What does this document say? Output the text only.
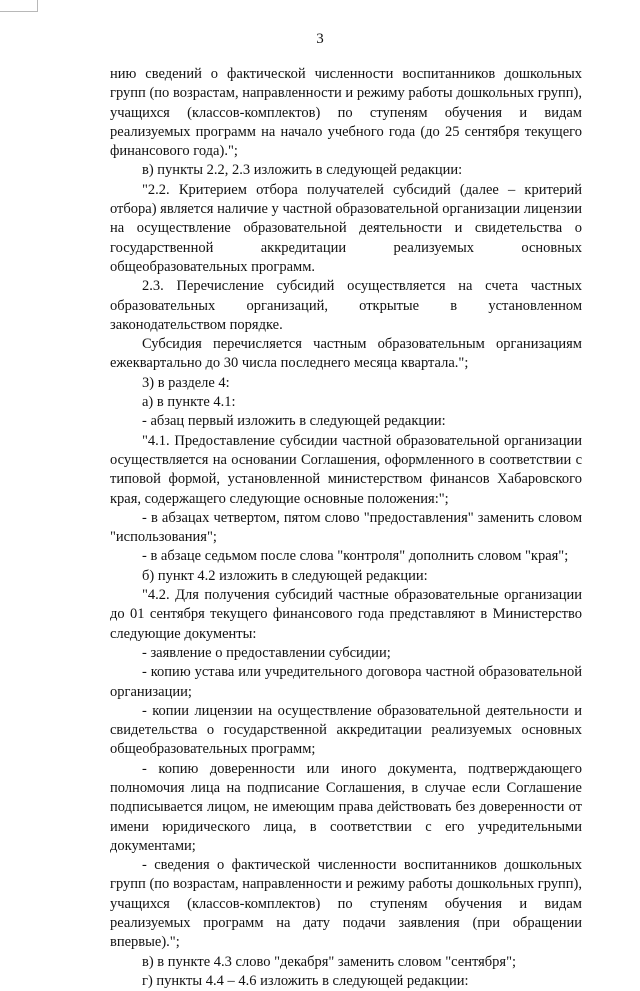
3

нию сведений о фактической численности воспитанников дошкольных групп (по возрастам, направленности и режиму работы дошкольных групп), учащихся (классов-комплектов) по ступеням обучения и видам реализуемых программ на начало учебного года (до 25 сентября текущего финансового года).";

в) пункты 2.2, 2.3 изложить в следующей редакции:

"2.2. Критерием отбора получателей субсидий (далее – критерий отбора) является наличие у частной образовательной организации лицензии на осуществление образовательной деятельности и свидетельства о государственной аккредитации реализуемых основных общеобразовательных программ.

2.3. Перечисление субсидий осуществляется на счета частных образовательных организаций, открытые в установленном законодательством порядке.

Субсидия перечисляется частным образовательным организациям ежеквартально до 30 числа последнего месяца квартала.";

3) в разделе 4:

а) в пункте 4.1:

- абзац первый изложить в следующей редакции:

"4.1. Предоставление субсидии частной образовательной организации осуществляется на основании Соглашения, оформленного в соответствии с типовой формой, установленной министерством финансов Хабаровского края, содержащего следующие основные положения:";

- в абзацах четвертом, пятом слово "предоставления" заменить словом "использования";

- в абзаце седьмом после слова "контроля" дополнить словом "края";

б) пункт 4.2 изложить в следующей редакции:

"4.2. Для получения субсидий частные образовательные организации до 01 сентября текущего финансового года представляют в Министерство следующие документы:

- заявление о предоставлении субсидии;

- копию устава или учредительного договора частной образовательной организации;

- копии лицензии на осуществление образовательной деятельности и свидетельства о государственной аккредитации реализуемых основных общеобразовательных программ;

- копию доверенности или иного документа, подтверждающего полномочия лица на подписание Соглашения, в случае если Соглашение подписывается лицом, не имеющим права действовать без доверенности от имени юридического лица, в соответствии с его учредительными документами;

- сведения о фактической численности воспитанников дошкольных групп (по возрастам, направленности и режиму работы дошкольных групп), учащихся (классов-комплектов) по ступеням обучения и видам реализуемых программ на дату подачи заявления (при обращении впервые).";

в) в пункте 4.3 слово "декабря" заменить словом "сентября";

г) пункты 4.4 – 4.6 изложить в следующей редакции:
